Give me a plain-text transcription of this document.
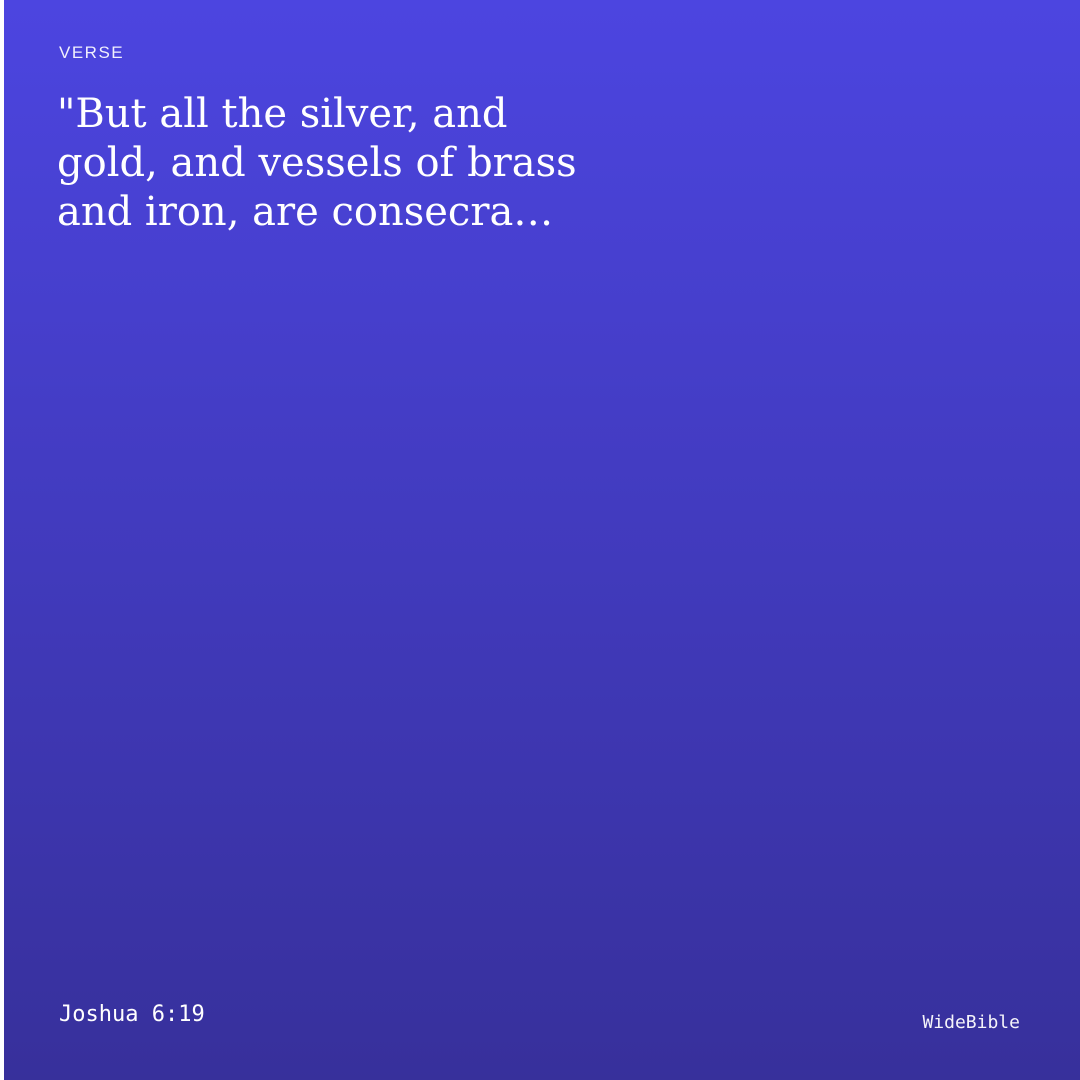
VERSE
"But all the silver, and
gold, and vessels of brass
and iron, are consecra…
Joshua 6:19	WideBible
